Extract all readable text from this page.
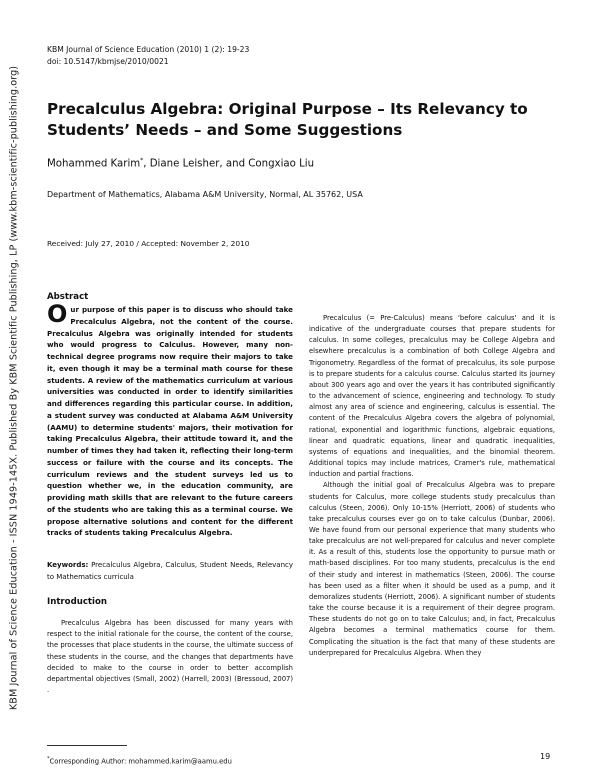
KBM Journal of Science Education - ISSN 1949-145X. Published By KBM Scientific Publishing, LP (www.kbm-scientific-publishing.org)
KBM Journal of Science Education (2010) 1 (2): 19-23
doi: 10.5147/kbmjse/2010/0021
Precalculus Algebra: Original Purpose – Its Relevancy to Students’ Needs – and Some Suggestions
Mohammed Karim*, Diane Leisher, and Congxiao Liu
Department of Mathematics, Alabama A&M University, Normal, AL 35762, USA
Received: July 27, 2010 / Accepted: November 2, 2010
Abstract
Our purpose of this paper is to discuss who should take Precalculus Algebra, not the content of the course. Precalculus Algebra was originally intended for students who would progress to Calculus. However, many non-technical degree programs now require their majors to take it, even though it may be a terminal math course for these students. A review of the mathematics curriculum at various universities was conducted in order to identify similarities and differences regarding this particular course. In addition, a student survey was conducted at Alabama A&M University (AAMU) to determine students' majors, their motivation for taking Precalculus Algebra, their attitude toward it, and the number of times they had taken it, reflecting their long-term success or failure with the course and its concepts. The curriculum reviews and the student surveys led us to question whether we, in the education community, are providing math skills that are relevant to the future careers of the students who are taking this as a terminal course. We propose alternative solutions and content for the different tracks of students taking Precalculus Algebra.
Keywords: Precalculus Algebra, Calculus, Student Needs, Relevancy to Mathematics curricula
Introduction
Precalculus Algebra has been discussed for many years with respect to the initial rationale for the course, the content of the course, the processes that place students in the course, the ultimate success of these students in the course, and the changes that departments have decided to make to the course in order to better accomplish departmental objectives (Small, 2002) (Harrell, 2003) (Bressoud, 2007) .

Precalculus (= Pre-Calculus) means 'before calculus' and it is indicative of the undergraduate courses that prepare students for calculus. In some colleges, precalculus may be College Algebra and elsewhere precalculus is a combination of both College Algebra and Trigonometry. Regardless of the format of precalculus, its sole purpose is to prepare students for a calculus course. Calculus started its journey about 300 years ago and over the years it has contributed significantly to the advancement of science, engineering and technology. To study almost any area of science and engineering, calculus is essential. The content of the Precalculus Algebra covers the algebra of polynomial, rational, exponential and logarithmic functions, algebraic equations, linear and quadratic equations, linear and quadratic inequalities, systems of equations and inequalities, and the binomial theorem. Additional topics may include matrices, Cramer's rule, mathematical induction and partial fractions.

Although the initial goal of Precalculus Algebra was to prepare students for Calculus, more college students study precalculus than calculus (Steen, 2006). Only 10-15% (Herriott, 2006) of students who take precalculus courses ever go on to take calculus (Dunbar, 2006). We have found from our personal experience that many students who take precalculus are not well-prepared for calculus and never complete it. As a result of this, students lose the opportunity to pursue math or math-based disciplines. For too many students, precalculus is the end of their study and interest in mathematics (Steen, 2006). The course has been used as a filter when it should be used as a pump, and it demoralizes students (Herriott, 2006). A significant number of students take the course because it is a requirement of their degree program. These students do not go on to take Calculus; and, in fact, Precalculus Algebra becomes a terminal mathematics course for them. Complicating the situation is the fact that many of these students are underprepared for Precalculus Algebra. When they

*Corresponding Author: mohammed.karim@aamu.edu
19
